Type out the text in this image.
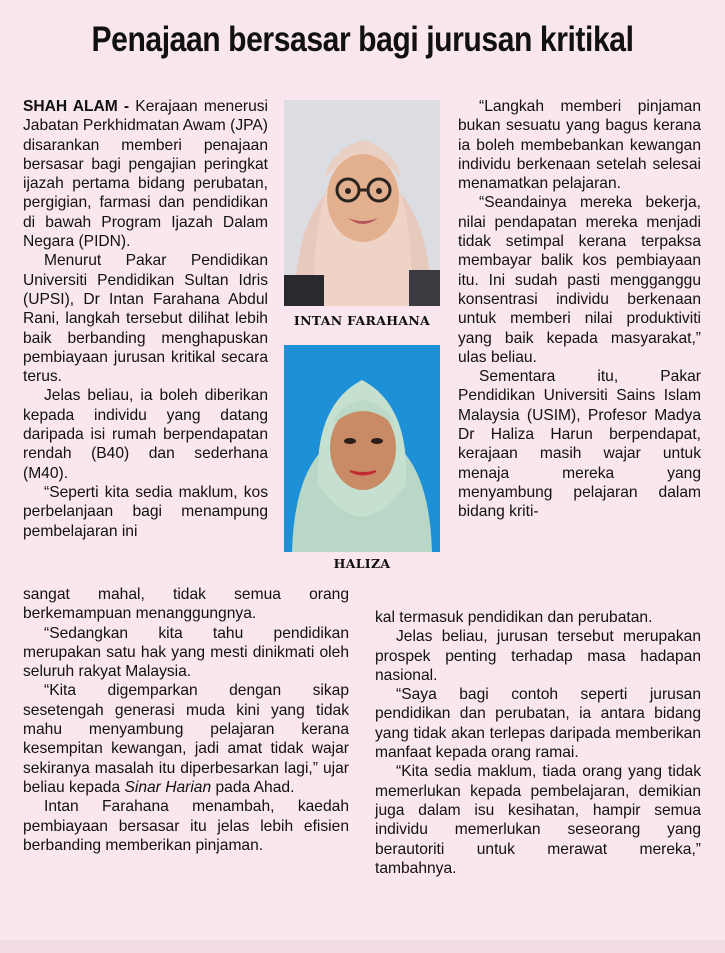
Penajaan bersasar bagi jurusan kritikal

SHAH ALAM - Kerajaan menerusi Jabatan Perkhidmatan Awam (JPA) disarankan memberi penajaan bersasar bagi pengajian peringkat ijazah pertama bidang perubatan, pergigian, farmasi dan pendidikan di bawah Program Ijazah Dalam Negara (PIDN).

Menurut Pakar Pendidikan Universiti Pendidikan Sultan Idris (UPSI), Dr Intan Farahana Abdul Rani, langkah tersebut dilihat lebih baik berbanding menghapuskan pembiayaan jurusan kritikal secara terus.

Jelas beliau, ia boleh diberikan kepada individu yang datang daripada isi rumah berpendapatan rendah (B40) dan sederhana (M40).

“Seperti kita sedia maklum, kos perbelanjaan bagi menampung pembelajaran ini

sangat mahal, tidak semua orang berkemampuan menanggungnya.

“Sedangkan kita tahu pendidikan merupakan satu hak yang mesti dinikmati oleh seluruh rakyat Malaysia.

“Kita digemparkan dengan sikap sesetengah generasi muda kini yang tidak mahu menyambung pelajaran kerana kesempitan kewangan, jadi amat tidak wajar sekiranya masalah itu diperbesarkan lagi,” ujar beliau kepada Sinar Harian pada Ahad.

Intan Farahana menambah, kaedah pembiayaan bersasar itu jelas lebih efisien berbanding memberikan pinjaman.

INTAN FARAHANA
HALIZA

“Langkah memberi pinjaman bukan sesuatu yang bagus kerana ia boleh membebankan kewangan individu berkenaan setelah selesai menamatkan pelajaran.

“Seandainya mereka bekerja, nilai pendapatan mereka menjadi tidak setimpal kerana terpaksa membayar balik kos pembiayaan itu. Ini sudah pasti mengganggu konsentrasi individu berkenaan untuk memberi nilai produktiviti yang baik kepada masyarakat,” ulas beliau.

Sementara itu, Pakar Pendidikan Universiti Sains Islam Malaysia (USIM), Profesor Madya Dr Haliza Harun berpendapat, kerajaan masih wajar untuk menaja mereka yang menyambung pelajaran dalam bidang kriti-

kal termasuk pendidikan dan perubatan.

Jelas beliau, jurusan tersebut merupakan prospek penting terhadap masa hadapan nasional.

“Saya bagi contoh seperti jurusan pendidikan dan perubatan, ia antara bidang yang tidak akan terlepas daripada memberikan manfaat kepada orang ramai.

“Kita sedia maklum, tiada orang yang tidak memerlukan kepada pembelajaran, demikian juga dalam isu kesihatan, hampir semua individu memerlukan seseorang yang berautoriti untuk merawat mereka,” tambahnya.
